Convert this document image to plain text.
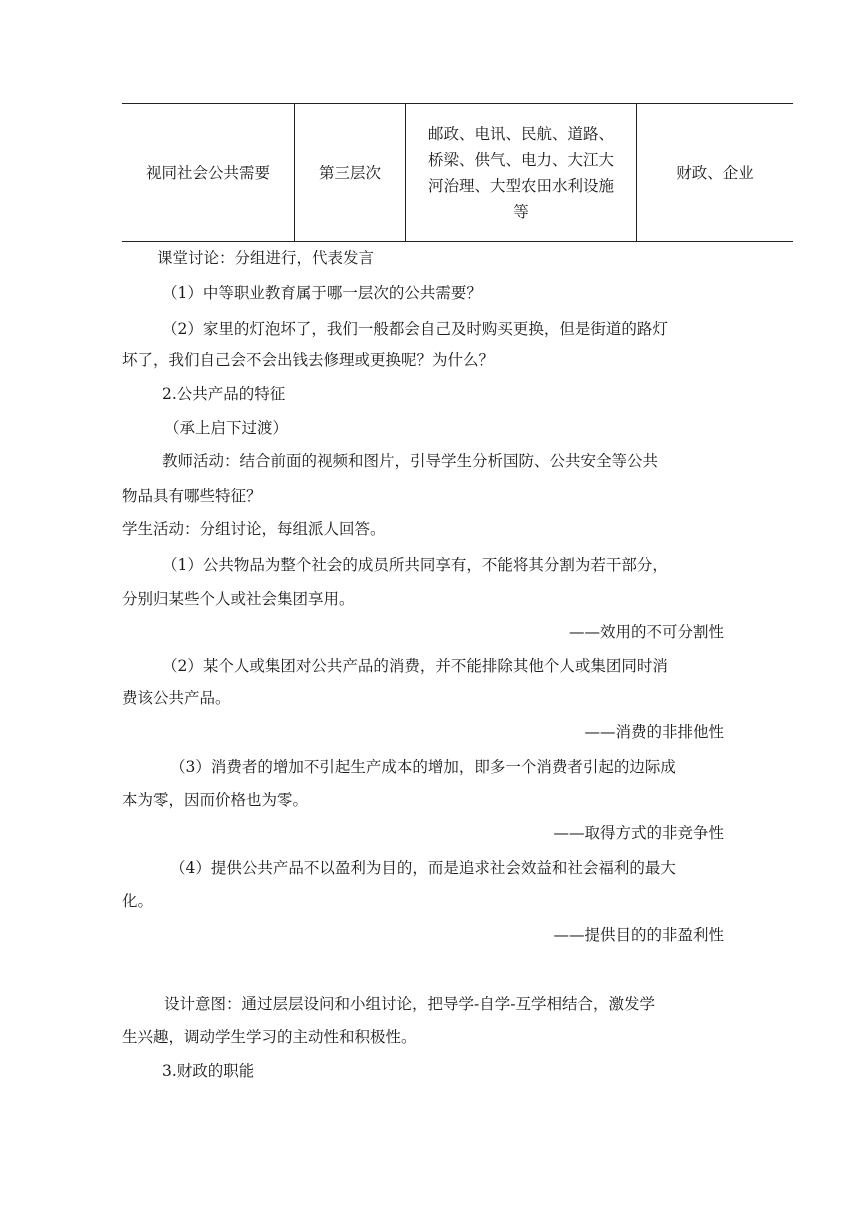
视同社会公共需要	第三层次
邮政、电讯、民航、道路、
桥梁、供气、电力、大江大
河治理、大型农田水利设施
等
财政、企业
课堂讨论：分组进行，代表发言
（1）中等职业教育属于哪一层次的公共需要？
（2）家里的灯泡坏了，我们一般都会自己及时购买更换，但是街道的路灯
坏了，我们自己会不会出钱去修理或更换呢？为什么？
2.公共产品的特征
（承上启下过渡）
教师活动：结合前面的视频和图片，引导学生分析国防、公共安全等公共
物品具有哪些特征？
学生活动：分组讨论，每组派人回答。
（1）公共物品为整个社会的成员所共同享有，不能将其分割为若干部分，
分别归某些个人或社会集团享用。
——效用的不可分割性
（2）某个人或集团对公共产品的消费，并不能排除其他个人或集团同时消
费该公共产品。
——消费的非排他性
（3）消费者的增加不引起生产成本的增加，即多一个消费者引起的边际成
本为零，因而价格也为零。
——取得方式的非竞争性
（4）提供公共产品不以盈利为目的，而是追求社会效益和社会福利的最大
化。
——提供目的的非盈利性
设计意图：通过层层设问和小组讨论，把导学-自学-互学相结合，激发学
生兴趣，调动学生学习的主动性和积极性。
3.财政的职能
